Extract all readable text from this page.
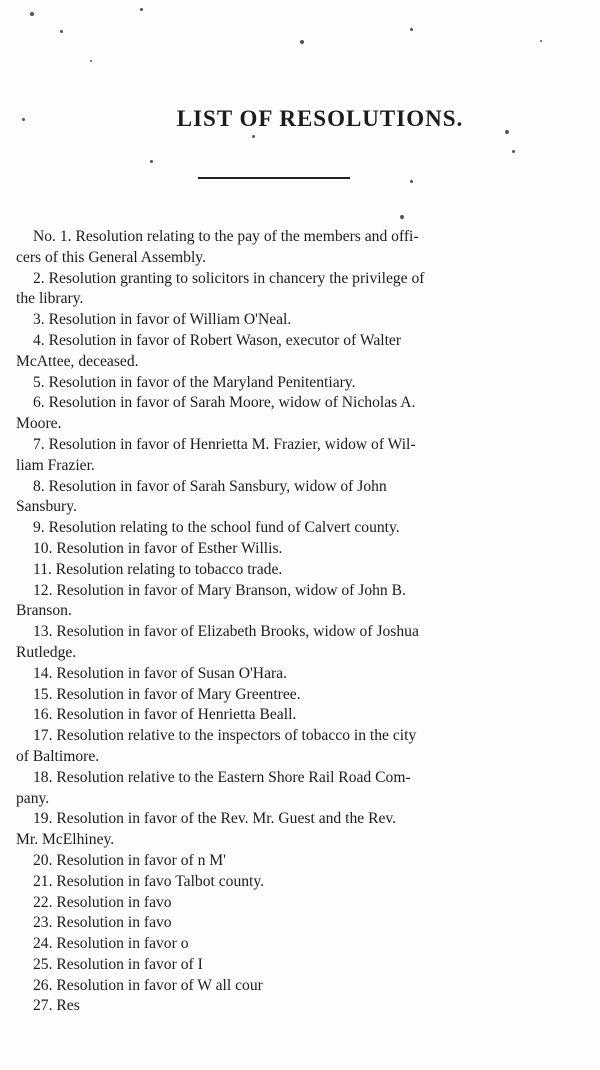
LIST OF RESOLUTIONS.
No. 1. Resolution relating to the pay of the members and offi-
cers of this General Assembly.
2. Resolution granting to solicitors in chancery the privilege of
the library.
3. Resolution in favor of William O'Neal.
4. Resolution in favor of Robert Wason, executor of Walter
McAttee, deceased.
5. Resolution in favor of the Maryland Penitentiary.
6. Resolution in favor of Sarah Moore, widow of Nicholas A.
Moore.
7. Resolution in favor of Henrietta M. Frazier, widow of Wil-
liam Frazier.
8. Resolution in favor of Sarah Sansbury, widow of John
Sansbury.
9. Resolution relating to the school fund of Calvert county.
10. Resolution in favor of Esther Willis.
11. Resolution relating to tobacco trade.
12. Resolution in favor of Mary Branson, widow of John B.
Branson.
13. Resolution in favor of Elizabeth Brooks, widow of Joshua
Rutledge.
14. Resolution in favor of Susan O'Hara.
15. Resolution in favor of Mary Greentree.
16. Resolution in favor of Henrietta Beall.
17. Resolution relative to the inspectors of tobacco in the city
of Baltimore.
18. Resolution relative to the Eastern Shore Rail Road Com-
pany.
19. Resolution in favor of the Rev. Mr. Guest and the Rev.
Mr. McElhiney.
20. Resolution in favor of n M'
21. Resolution in favo Talbot county.
22. Resolution in favo
23. Resolution in favo
24. Resolution in favor o
25. Resolution in favor of I
26. Resolution in favor of W all cour
27. Res
